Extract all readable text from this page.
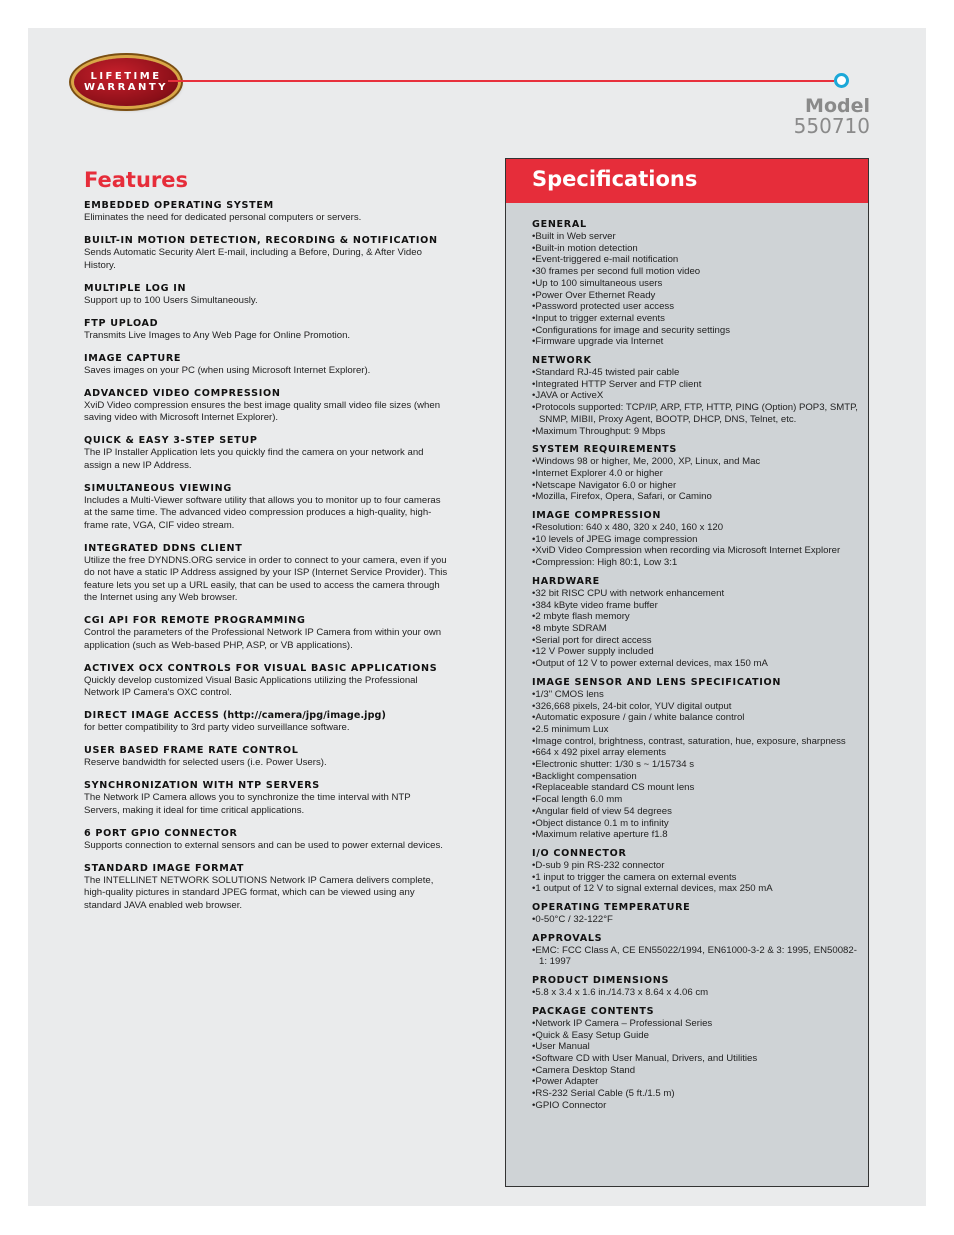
LIFETIME
WARRANTY
Model
550710
Features
EMBEDDED OPERATING SYSTEM
Eliminates the need for dedicated personal computers or servers.
BUILT-IN MOTION DETECTION, RECORDING & NOTIFICATION
Sends Automatic Security Alert E-mail, including a Before, During, & After Video History.
MULTIPLE LOG IN
Support up to 100 Users Simultaneously.
FTP UPLOAD
Transmits Live Images to Any Web Page for Online Promotion.
IMAGE CAPTURE
Saves images on your PC (when using Microsoft Internet Explorer).
ADVANCED VIDEO COMPRESSION
XviD Video compression ensures the best image quality small video file sizes (when saving video with Microsoft Internet Explorer).
QUICK & EASY 3-STEP SETUP
The IP Installer Application lets you quickly find the camera on your network and assign a new IP Address.
SIMULTANEOUS VIEWING
Includes a Multi-Viewer software utility that allows you to monitor up to four cameras at the same time. The advanced video compression produces a high-quality, high-frame rate, VGA, CIF video stream.
INTEGRATED DDNS CLIENT
Utilize the free DYNDNS.ORG service in order to connect to your camera, even if you do not have a static IP Address assigned by your ISP (Internet Service Provider). This feature lets you set up a URL easily, that can be used to access the camera through the Internet using any Web browser.
CGI API FOR REMOTE PROGRAMMING
Control the parameters of the Professional Network IP Camera from within your own application (such as Web-based PHP, ASP, or VB applications).
ACTIVEX OCX CONTROLS FOR VISUAL BASIC APPLICATIONS
Quickly develop customized Visual Basic Applications utilizing the Professional Network IP Camera's OXC control.
DIRECT IMAGE ACCESS (http://camera/jpg/image.jpg)
for better compatibility to 3rd party video surveillance software.
USER BASED FRAME RATE CONTROL
Reserve bandwidth for selected users (i.e. Power Users).
SYNCHRONIZATION WITH NTP SERVERS
The Network IP Camera allows you to synchronize the time interval with NTP Servers, making it ideal for time critical applications.
6 PORT GPIO CONNECTOR
Supports connection to external sensors and can be used to power external devices.
STANDARD IMAGE FORMAT
The INTELLINET NETWORK SOLUTIONS Network IP Camera delivers complete, high-quality pictures in standard JPEG format, which can be viewed using any standard JAVA enabled web browser.
Specifications
GENERAL
• Built in Web server
• Built-in motion detection
• Event-triggered e-mail notification
• 30 frames per second full motion video
• Up to 100 simultaneous users
• Power Over Ethernet Ready
• Password protected user access
• Input to trigger external events
• Configurations for image and security settings
• Firmware upgrade via Internet
NETWORK
• Standard RJ-45 twisted pair cable
• Integrated HTTP Server and FTP client
• JAVA or ActiveX
• Protocols supported: TCP/IP, ARP, FTP, HTTP, PING (Option) POP3, SMTP, SNMP, MIBII, Proxy Agent, BOOTP, DHCP, DNS, Telnet, etc.
• Maximum Throughput: 9 Mbps
SYSTEM REQUIREMENTS
• Windows 98 or higher, Me, 2000, XP, Linux, and Mac
• Internet Explorer 4.0 or higher
• Netscape Navigator 6.0 or higher
• Mozilla, Firefox, Opera, Safari, or Camino
IMAGE COMPRESSION
• Resolution: 640 x 480, 320 x 240, 160 x 120
• 10 levels of JPEG image compression
• XviD Video Compression when recording via Microsoft Internet Explorer
• Compression: High 80:1, Low 3:1
HARDWARE
• 32 bit RISC CPU with network enhancement
• 384 kByte video frame buffer
• 2 mbyte flash memory
• 8 mbyte SDRAM
• Serial port for direct access
• 12 V Power supply included
• Output of 12 V to power external devices, max 150 mA
IMAGE SENSOR AND LENS SPECIFICATION
• 1/3" CMOS lens
• 326,668 pixels, 24-bit color, YUV digital output
• Automatic exposure / gain / white balance control
• 2.5 minimum Lux
• Image control, brightness, contrast, saturation, hue, exposure, sharpness
• 664 x 492 pixel array elements
• Electronic shutter: 1/30 s ~ 1/15734 s
• Backlight compensation
• Replaceable standard CS mount lens
• Focal length 6.0 mm
• Angular field of view 54 degrees
• Object distance 0.1 m to infinity
• Maximum relative aperture f1.8
I/O CONNECTOR
• D-sub 9 pin RS-232 connector
• 1 input to trigger the camera on external events
• 1 output of 12 V to signal external devices, max 250 mA
OPERATING TEMPERATURE
• 0-50°C / 32-122°F
APPROVALS
• EMC: FCC Class A, CE EN55022/1994, EN61000-3-2 & 3: 1995, EN50082-1: 1997
PRODUCT DIMENSIONS
• 5.8 x 3.4 x 1.6 in./14.73 x 8.64 x 4.06 cm
PACKAGE CONTENTS
• Network IP Camera – Professional Series
• Quick & Easy Setup Guide
• User Manual
• Software CD with User Manual, Drivers, and Utilities
• Camera Desktop Stand
• Power Adapter
• RS-232 Serial Cable (5 ft./1.5 m)
• GPIO Connector
